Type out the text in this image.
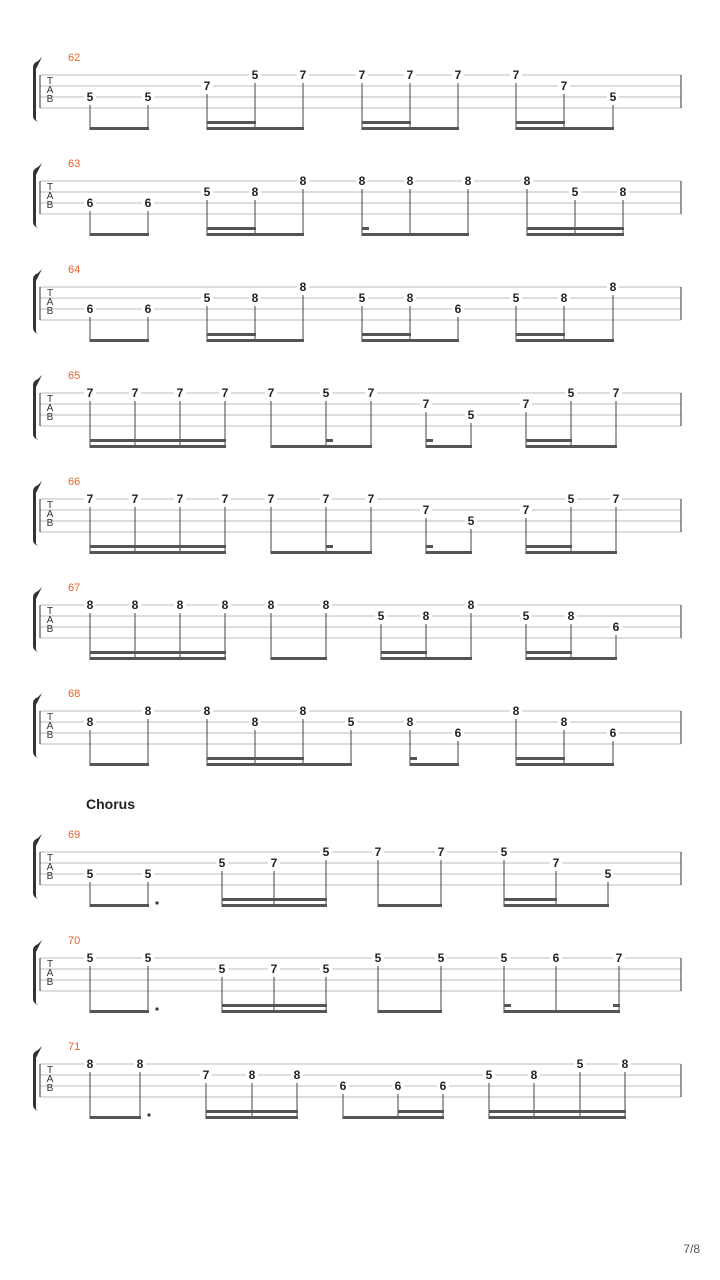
T
A
B
62
5	5
7
5	7	7	7	7	7
7
5
T
A
B
63
6	6
5	8
8	8	8	8	8
5	8
T
A
B
64
6	6
5	8
8
5	8
6
5	8
8
T
A
B
65
7	7	7	7	7	5	7
7
5
7
5	7
T
A
B
66
7	7	7	7	7	7	7
7
5
7
5	7
T
A
B
67
8	8	8	8	8	8
5	8
8
5	8
6
T
A
B
68
8
8	8
8
8
5	8
6
8
8
6
T
A
B
69
Chorus
5	5
5	7
5	7	7	5
7
5
T
A
B
70
5	5
5	7	5
5	5	5	6	7
T
A
B
71
8	8
7	8	8
6	6	6
5	8
5	8
7/8
